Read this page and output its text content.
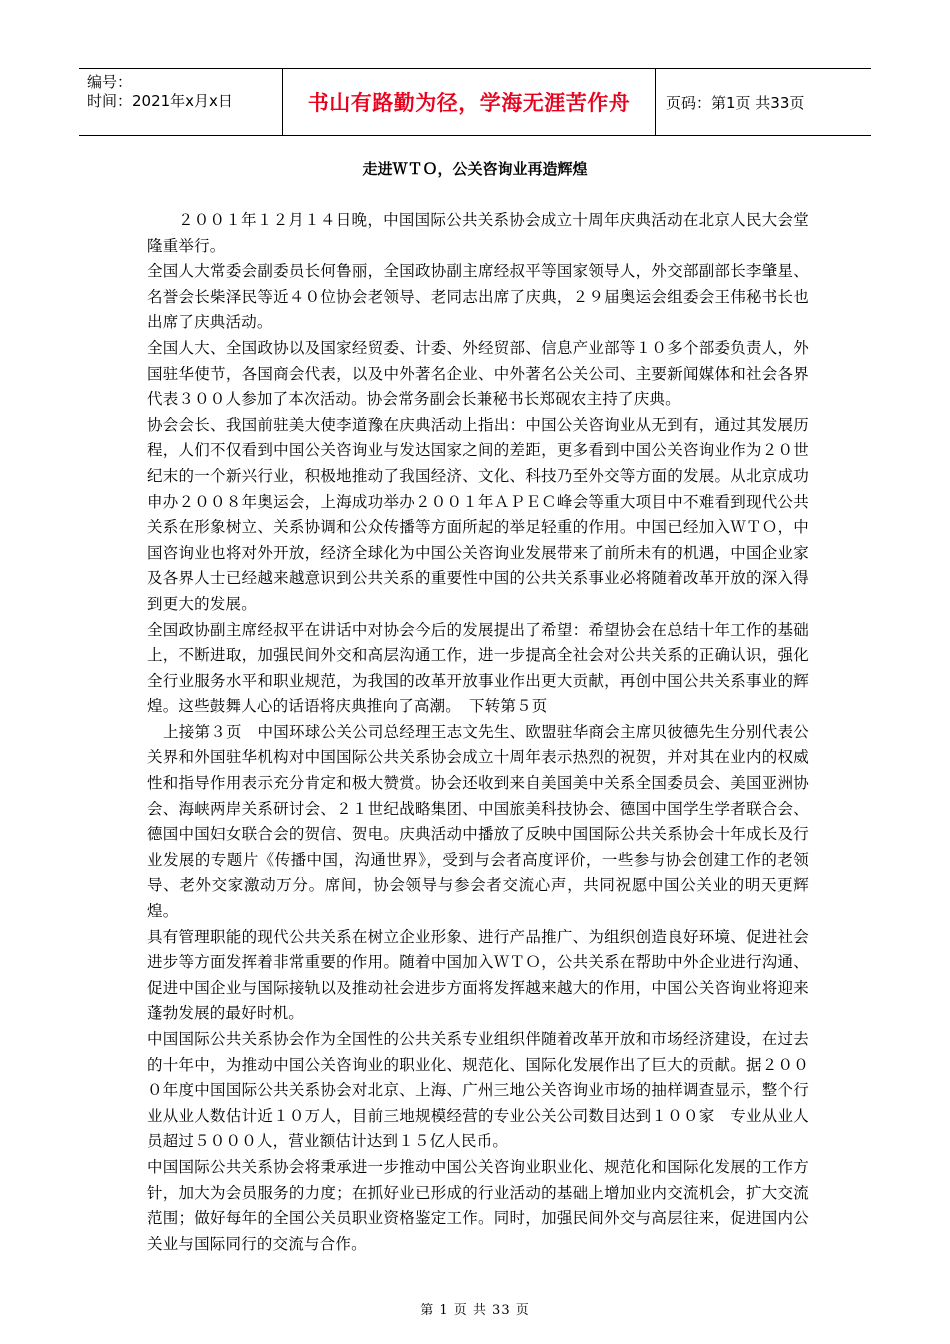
编号：
时间：2021年x月x日	书山有路勤为径，学海无涯苦作舟	页码：第1页 共33页
走进ＷＴＯ，公关咨询业再造辉煌

２００１年１２月１４日晚，中国国际公共关系协会成立十周年庆典活动在北京人民大会堂隆重举行。

全国人大常委会副委员长何鲁丽，全国政协副主席经叔平等国家领导人，外交部副部长李肇星、名誉会长柴泽民等近４０位协会老领导、老同志出席了庆典，２９届奥运会组委会王伟秘书长也出席了庆典活动。

全国人大、全国政协以及国家经贸委、计委、外经贸部、信息产业部等１０多个部委负责人，外国驻华使节，各国商会代表，以及中外著名企业、中外著名公关公司、主要新闻媒体和社会各界代表３００人参加了本次活动。协会常务副会长兼秘书长郑砚农主持了庆典。

协会会长、我国前驻美大使李道豫在庆典活动上指出：中国公关咨询业从无到有，通过其发展历程，人们不仅看到中国公关咨询业与发达国家之间的差距，更多看到中国公关咨询业作为２０世纪末的一个新兴行业，积极地推动了我国经济、文化、科技乃至外交等方面的发展。从北京成功申办２００８年奥运会，上海成功举办２００１年ＡＰＥＣ峰会等重大项目中不难看到现代公共关系在形象树立、关系协调和公众传播等方面所起的举足轻重的作用。中国已经加入ＷＴＯ，中国咨询业也将对外开放，经济全球化为中国公关咨询业发展带来了前所未有的机遇，中国企业家及各界人士已经越来越意识到公共关系的重要性中国的公共关系事业必将随着改革开放的深入得到更大的发展。

全国政协副主席经叔平在讲话中对协会今后的发展提出了希望：希望协会在总结十年工作的基础上，不断进取，加强民间外交和高层沟通工作，进一步提高全社会对公共关系的正确认识，强化全行业服务水平和职业规范，为我国的改革开放事业作出更大贡献，再创中国公共关系事业的辉煌。这些鼓舞人心的话语将庆典推向了高潮。　下转第５页

上接第３页　中国环球公关公司总经理王志文先生、欧盟驻华商会主席贝彼德先生分别代表公关界和外国驻华机构对中国国际公共关系协会成立十周年表示热烈的祝贺，并对其在业内的权威性和指导作用表示充分肯定和极大赞赏。协会还收到来自美国美中关系全国委员会、美国亚洲协会、海峡两岸关系研讨会、２１世纪战略集团、中国旅美科技协会、德国中国学生学者联合会、德国中国妇女联合会的贺信、贺电。庆典活动中播放了反映中国国际公共关系协会十年成长及行业发展的专题片《传播中国，沟通世界》，受到与会者高度评价，一些参与协会创建工作的老领导、老外交家激动万分。席间，协会领导与参会者交流心声，共同祝愿中国公关业的明天更辉煌。

具有管理职能的现代公共关系在树立企业形象、进行产品推广、为组织创造良好环境、促进社会进步等方面发挥着非常重要的作用。随着中国加入ＷＴＯ，公共关系在帮助中外企业进行沟通、促进中国企业与国际接轨以及推动社会进步方面将发挥越来越大的作用，中国公关咨询业将迎来蓬勃发展的最好时机。

中国国际公共关系协会作为全国性的公共关系专业组织伴随着改革开放和市场经济建设，在过去的十年中，为推动中国公关咨询业的职业化、规范化、国际化发展作出了巨大的贡献。据２０００年度中国国际公共关系协会对北京、上海、广州三地公关咨询业市场的抽样调查显示，整个行业从业人数估计近１０万人，目前三地规模经营的专业公关公司数目达到１００家　专业从业人员超过５０００人，营业额估计达到１５亿人民币。

中国国际公共关系协会将秉承进一步推动中国公关咨询业职业化、规范化和国际化发展的工作方针，加大为会员服务的力度；在抓好业已形成的行业活动的基础上增加业内交流机会，扩大交流范围；做好每年的全国公关员职业资格鉴定工作。同时，加强民间外交与高层往来，促进国内公关业与国际同行的交流与合作。

第 1 页 共 33 页
